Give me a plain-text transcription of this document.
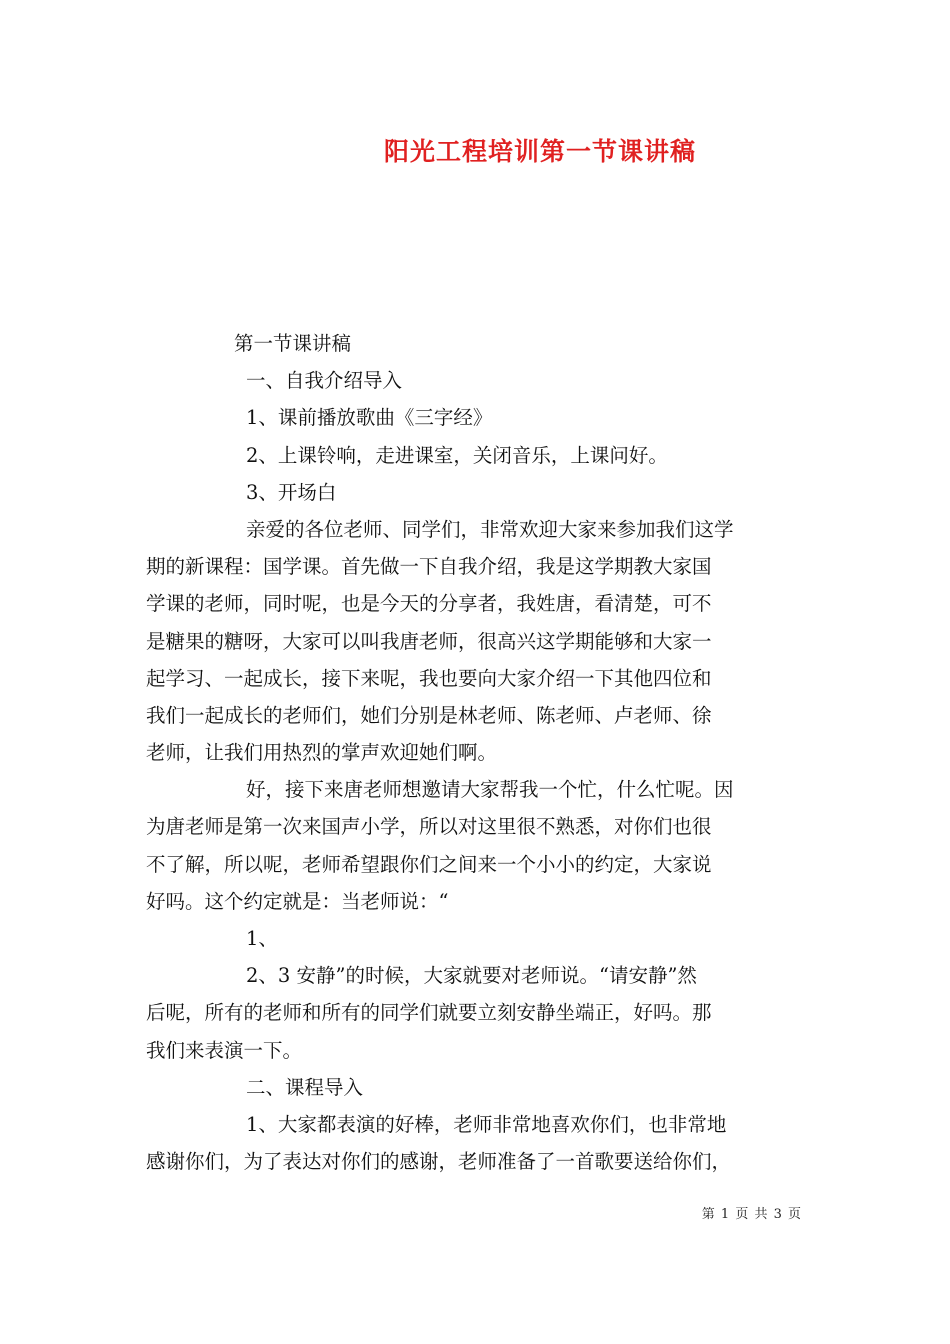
阳光工程培训第一节课讲稿

第一节课讲稿

一、自我介绍导入

1、课前播放歌曲《三字经》

2、上课铃响，走进课室，关闭音乐，上课问好。

3、开场白

亲爱的各位老师、同学们，非常欢迎大家来参加我们这学

期的新课程：国学课。首先做一下自我介绍，我是这学期教大家国

学课的老师，同时呢，也是今天的分享者，我姓唐，看清楚，可不

是糖果的糖呀，大家可以叫我唐老师，很高兴这学期能够和大家一

起学习、一起成长，接下来呢，我也要向大家介绍一下其他四位和

我们一起成长的老师们，她们分别是林老师、陈老师、卢老师、徐

老师，让我们用热烈的掌声欢迎她们啊。

好，接下来唐老师想邀请大家帮我一个忙，什么忙呢。因

为唐老师是第一次来国声小学，所以对这里很不熟悉，对你们也很

不了解，所以呢，老师希望跟你们之间来一个小小的约定，大家说

好吗。这个约定就是：当老师说：“

1、

2、3 安静”的时候，大家就要对老师说。“请安静”然

后呢，所有的老师和所有的同学们就要立刻安静坐端正，好吗。那

我们来表演一下。

二、课程导入

1、大家都表演的好棒，老师非常地喜欢你们，也非常地

感谢你们，为了表达对你们的感谢，老师准备了一首歌要送给你们，

第 1 页 共 3 页
